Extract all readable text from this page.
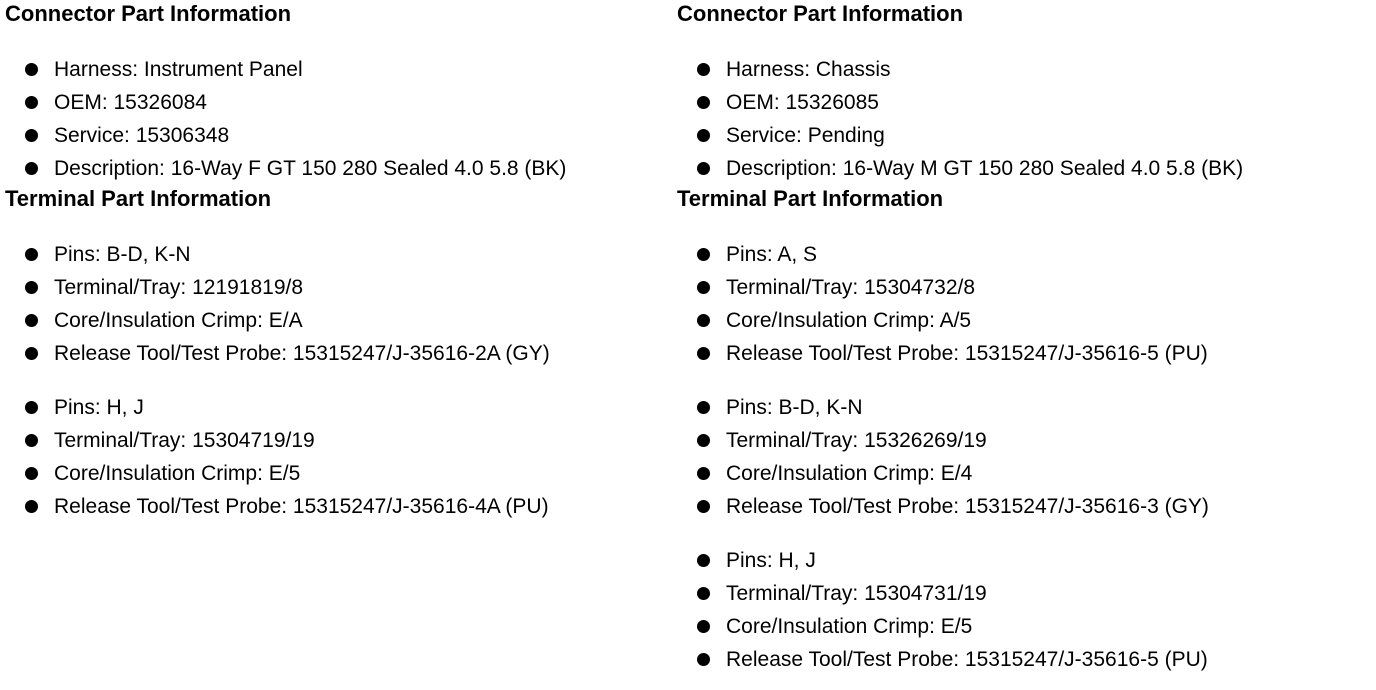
Connector Part Information
Harness: Instrument Panel
OEM: 15326084
Service: 15306348
Description: 16-Way F GT 150 280 Sealed 4.0 5.8 (BK)
Terminal Part Information
Pins: B-D, K-N
Terminal/Tray: 12191819/8
Core/Insulation Crimp: E/A
Release Tool/Test Probe: 15315247/J-35616-2A (GY)
Pins: H, J
Terminal/Tray: 15304719/19
Core/Insulation Crimp: E/5
Release Tool/Test Probe: 15315247/J-35616-4A (PU)
Connector Part Information
Harness: Chassis
OEM: 15326085
Service: Pending
Description: 16-Way M GT 150 280 Sealed 4.0 5.8 (BK)
Terminal Part Information
Pins: A, S
Terminal/Tray: 15304732/8
Core/Insulation Crimp: A/5
Release Tool/Test Probe: 15315247/J-35616-5 (PU)
Pins: B-D, K-N
Terminal/Tray: 15326269/19
Core/Insulation Crimp: E/4
Release Tool/Test Probe: 15315247/J-35616-3 (GY)
Pins: H, J
Terminal/Tray: 15304731/19
Core/Insulation Crimp: E/5
Release Tool/Test Probe: 15315247/J-35616-5 (PU)
